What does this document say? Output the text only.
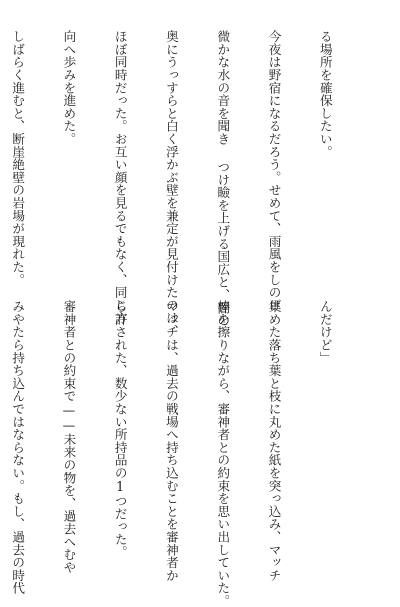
る場所を確保したい。

今夜は野宿になるだろう。せめて、雨風をしのげ

微かな水の音を聞き つけ瞼を上げる国広と、闇の

奥にうっすらと白く浮かぶ壁を兼定が見付けたのは、

ほぼ同時だった。お互い顔を見るでもなく、同じ方

向へ歩みを進めた。

しばらく進むと、断崖絶壁の岩場が現れた。

んだけど」

集めた落ち葉と枝に丸めた紙を突っ込み、マッチ

棒を擦りながら、審神者との約束を思い出していた。

マッチは、過去の戦場へ持ち込むことを審神者か

ら許された、数少ない所持品の1つだった。

審神者との約束で——未来の物を、過去へむや

みやたら持ち込んではならない。もし、過去の時代
